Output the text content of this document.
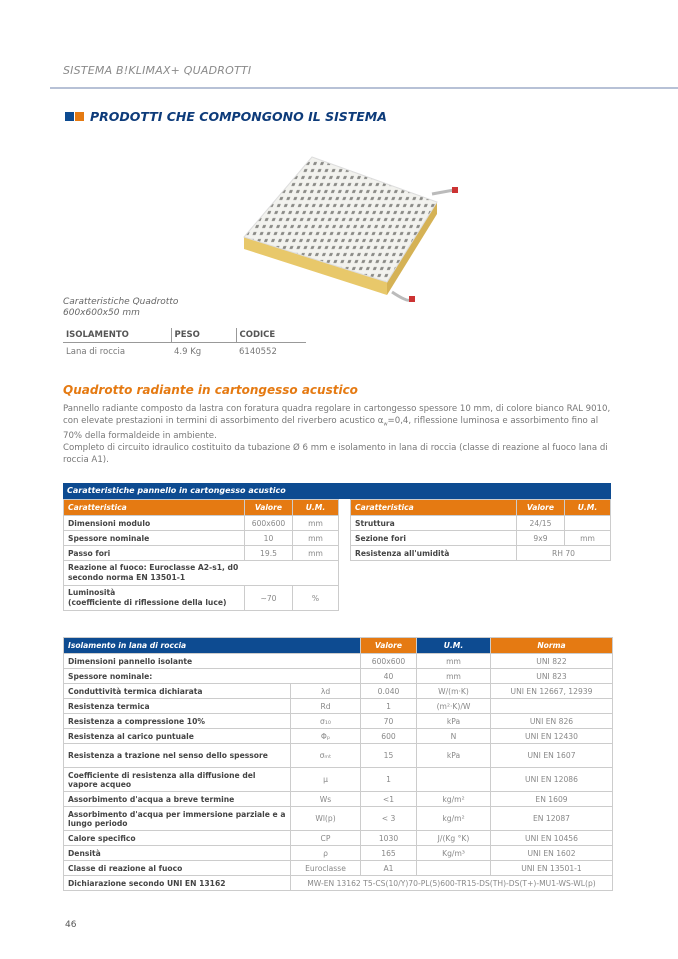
SISTEMA B!KLIMAX+ QUADROTTI
PRODOTTI CHE COMPONGONO IL SISTEMA
Caratteristiche Quadrotto
600x600x50 mm
ISOLAMENTO	PESO	CODICE
Lana di roccia	4.9 Kg	6140552
Quadrotto radiante in cartongesso acustico
Pannello radiante composto da lastra con foratura quadra regolare in cartongesso spessore 10 mm, di colore bianco RAL 9010, con elevate prestazioni in termini di assorbimento del riverbero acustico $\alpha_w=0,4$, riflessione luminosa e assorbimento fino al 70% della formaldeide in ambiente.
Completo di circuito idraulico costituito da tubazione Ø 6 mm e isolamento in lana di roccia (classe di reazione al fuoco lana di roccia A1).
Caratteristiche pannello in cartongesso acustico
Caratteristica	Valore	U.M.
Dimensioni modulo	600x600	mm
Spessore nominale	10	mm
Passo fori	19.5	mm
Reazione al fuoco: Euroclasse A2-s1, d0
secondo norma EN 13501-1		
Luminosità
(coefficiente di riflessione della luce)	~70	%
Caratteristica	Valore	U.M.
Struttura	24/15	
Sezione fori	9x9	mm
Resistenza all'umidità	RH 70	
Isolamento in lana di roccia		Valore	U.M.	Norma
Dimensioni pannello isolante		600x600	mm	UNI 822
Spessore nominale:		40	mm	UNI 823
Conduttività termica dichiarata	λd	0.040	W/(m·K)	UNI EN 12667, 12939
Resistenza termica	Rd	1	(m²·K)/W	
Resistenza a compressione 10%	σ₁₀	70	kPa	UNI EN 826
Resistenza al carico puntuale	Φₚ	600	N	UNI EN 12430
Resistenza a trazione nel senso dello spessore	σₘₜ	15	kPa	UNI EN 1607
Coefficiente di resistenza alla diffusione del vapore acqueo	μ	1		UNI EN 12086
Assorbimento d'acqua a breve termine	Ws	<1	kg/m²	EN 1609
Assorbimento d'acqua per immersione parziale e a lungo periodo	Wl(p)	< 3	kg/m²	EN 12087
Calore specifico	CP	1030	J/(Kg °K)	UNI EN 10456
Densità	ρ	165	Kg/m³	UNI EN 1602
Classe di reazione al fuoco	Euroclasse	A1		UNI EN 13501-1
Dichiarazione secondo UNI EN 13162	MW-EN 13162 T5-CS(10/Y)70-PL(5)600-TR15-DS(TH)-DS(T+)-MU1-WS-WL(p)			
46
